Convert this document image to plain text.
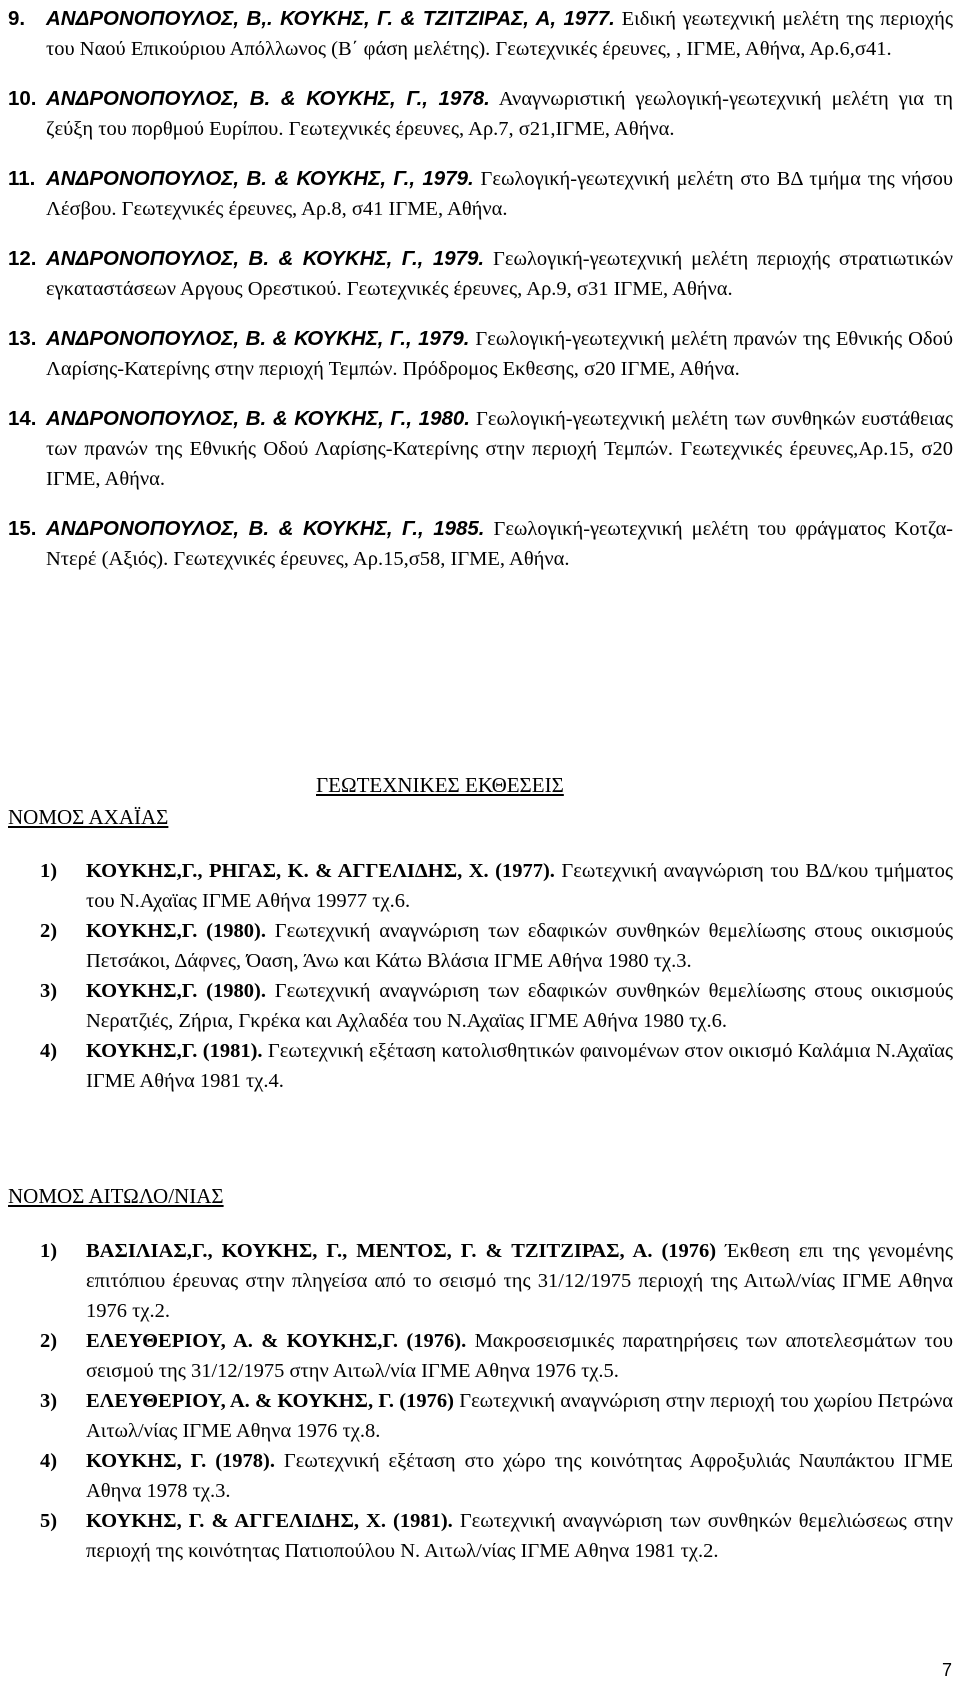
9.	ΑΝΔΡΟΝΟΠΟΥΛΟΣ, Β,. ΚΟΥΚΗΣ, Γ. & ΤΖΙΤΖΙΡΑΣ, Α, 1977. Ειδική γεωτεχνική μελέτη της περιοχής του Ναού Επικούριου Απόλλωνος (Β΄ φάση μελέτης). Γεωτεχνικές έρευνες, , ΙΓΜΕ, Αθήνα, Αρ.6,σ41.
10. ΑΝΔΡΟΝΟΠΟΥΛΟΣ, Β. & ΚΟΥΚΗΣ, Γ., 1978. Αναγνωριστική γεωλογική-γεωτεχνική μελέτη για τη ζεύξη του πορθμού Ευρίπου. Γεωτεχνικές έρευνες, Αρ.7, σ21,ΙΓΜΕ, Αθήνα.
11. ΑΝΔΡΟΝΟΠΟΥΛΟΣ, Β. & ΚΟΥΚΗΣ, Γ., 1979. Γεωλογική-γεωτεχνική μελέτη στο ΒΔ τμήμα της νήσου Λέσβου. Γεωτεχνικές έρευνες, Αρ.8, σ41 ΙΓΜΕ, Αθήνα.
12. ΑΝΔΡΟΝΟΠΟΥΛΟΣ, Β. & ΚΟΥΚΗΣ, Γ., 1979. Γεωλογική-γεωτεχνική μελέτη περιοχής στρατιωτικών εγκαταστάσεων Αργους Ορεστικού. Γεωτεχνικές έρευνες, Αρ.9, σ31 ΙΓΜΕ, Αθήνα.
13. ΑΝΔΡΟΝΟΠΟΥΛΟΣ, Β. & ΚΟΥΚΗΣ, Γ., 1979. Γεωλογική-γεωτεχνική μελέτη πρανών της Εθνικής Οδού Λαρίσης-Κατερίνης στην περιοχή Τεμπών. Πρόδρομος Εκθεσης, σ20 ΙΓΜΕ, Αθήνα.
14. ΑΝΔΡΟΝΟΠΟΥΛΟΣ, Β. & ΚΟΥΚΗΣ, Γ., 1980. Γεωλογική-γεωτεχνική μελέτη των συνθηκών ευστάθειας των πρανών της Εθνικής Οδού Λαρίσης-Κατερίνης στην περιοχή Τεμπών. Γεωτεχνικές έρευνες,Αρ.15, σ20 ΙΓΜΕ, Αθήνα.
15. ΑΝΔΡΟΝΟΠΟΥΛΟΣ, Β. & ΚΟΥΚΗΣ, Γ., 1985. Γεωλογική-γεωτεχνική μελέτη του φράγματος Κοτζα-Ντερέ (Αξιός). Γεωτεχνικές έρευνες, Αρ.15,σ58, ΙΓΜΕ, Αθήνα.
ΓΕΩΤΕΧΝΙΚΕΣ ΕΚΘΕΣΕΙΣ
ΝΟΜΟΣ ΑΧΑΪΑΣ
1)	ΚΟΥΚΗΣ,Γ., ΡΗΓΑΣ, Κ. & ΑΓΓΕΛΙΔΗΣ, Χ. (1977). Γεωτεχνική αναγνώριση του ΒΔ/κου τμήματος του Ν.Αχαϊας ΙΓΜΕ Αθήνα 19977 τχ.6.
2)	ΚΟΥΚΗΣ,Γ. (1980). Γεωτεχνική αναγνώριση των εδαφικών συνθηκών θεμελίωσης στους οικισμούς Πετσάκοι, Δάφνες, Όαση, Άνω και Κάτω Βλάσια ΙΓΜΕ Αθήνα 1980 τχ.3.
3)	ΚΟΥΚΗΣ,Γ. (1980). Γεωτεχνική αναγνώριση των εδαφικών συνθηκών θεμελίωσης στους οικισμούς Νερατζιές, Ζήρια, Γκρέκα και Αχλαδέα του Ν.Αχαϊας ΙΓΜΕ Αθήνα 1980 τχ.6.
4)	ΚΟΥΚΗΣ,Γ. (1981). Γεωτεχνική εξέταση κατολισθητικών φαινομένων στον οικισμό Καλάμια Ν.Αχαϊας ΙΓΜΕ Αθήνα 1981 τχ.4.
ΝΟΜΟΣ ΑΙΤΩΛΟ/ΝΙΑΣ
1)	ΒΑΣΙΛΙΑΣ,Γ., ΚΟΥΚΗΣ, Γ., ΜΕΝΤΟΣ, Γ. & ΤΖΙΤΖΙΡΑΣ, Α. (1976) Έκθεση επι της γενομένης επιτόπιου έρευνας στην πληγείσα από το σεισμό της 31/12/1975 περιοχή της Αιτωλ/νίας ΙΓΜΕ Αθηνα 1976 τχ.2.
2)	ΕΛΕΥΘΕΡΙΟΥ, Α. & ΚΟΥΚΗΣ,Γ. (1976). Μακροσεισμικές παρατηρήσεις των αποτελεσμάτων του σεισμού της 31/12/1975 στην Αιτωλ/νία ΙΓΜΕ Αθηνα 1976 τχ.5.
3)	ΕΛΕΥΘΕΡΙΟΥ, Α. & ΚΟΥΚΗΣ, Γ. (1976) Γεωτεχνική αναγνώριση στην περιοχή του χωρίου Πετρώνα Αιτωλ/νίας ΙΓΜΕ Αθηνα 1976 τχ.8.
4)	ΚΟΥΚΗΣ, Γ. (1978). Γεωτεχνική εξέταση στο χώρο της κοινότητας Αφροξυλιάς Ναυπάκτου ΙΓΜΕ Αθηνα 1978 τχ.3.
5)	ΚΟΥΚΗΣ, Γ. & ΑΓΓΕΛΙΔΗΣ, Χ. (1981). Γεωτεχνική αναγνώριση των συνθηκών θεμελιώσεως στην περιοχή της κοινότητας Πατιοπούλου Ν. Αιτωλ/νίας ΙΓΜΕ Αθηνα 1981 τχ.2.
7
